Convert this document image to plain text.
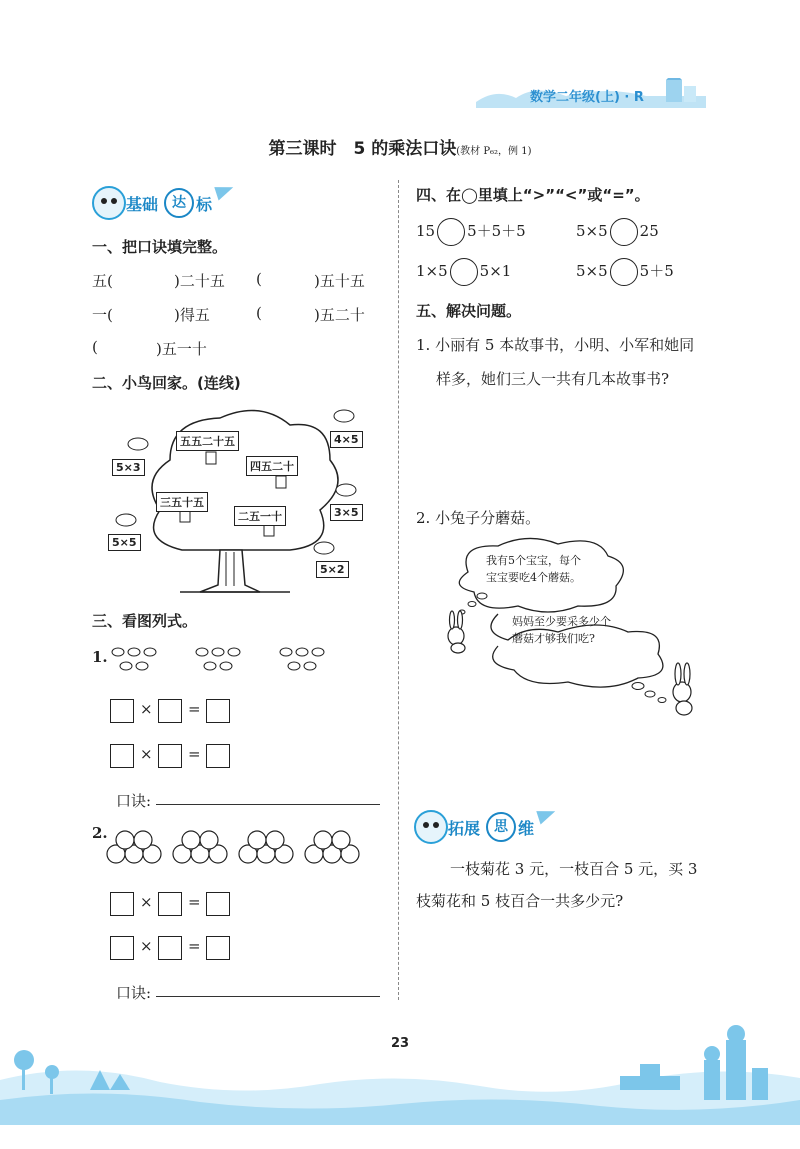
数学二年级(上) · R
第三课时　5 的乘法口诀(教材 P₆₂，例 1)
基础 达 标
一、把口诀填完整。
五(	)二十五 (	)五十五
一(	)得五	(	)五二十
(	)五一十
二、小鸟回家。(连线)
五五二十五
四五二十
三五十五
二五一十
5×3
4×5
3×5
5×5
5×2
三、看图列式。
1.
× =
× =
口诀:
2.
× =
× =
口诀:
四、在◯里填上“>”“<”或“=”。
15 5＋5＋5	5×5 25
1×5 5×1	5×5 5＋5
五、解决问题。
1. 小丽有 5 本故事书，小明、小军和她同
样多，她们三人一共有几本故事书?
2. 小兔子分蘑菇。
我有5个宝宝，每个
宝宝要吃4个蘑菇。
妈妈至少要采多少个
蘑菇才够我们吃?
拓展 思 维
一枝菊花 3 元，一枝百合 5 元，买 3
枝菊花和 5 枝百合一共多少元?
23
